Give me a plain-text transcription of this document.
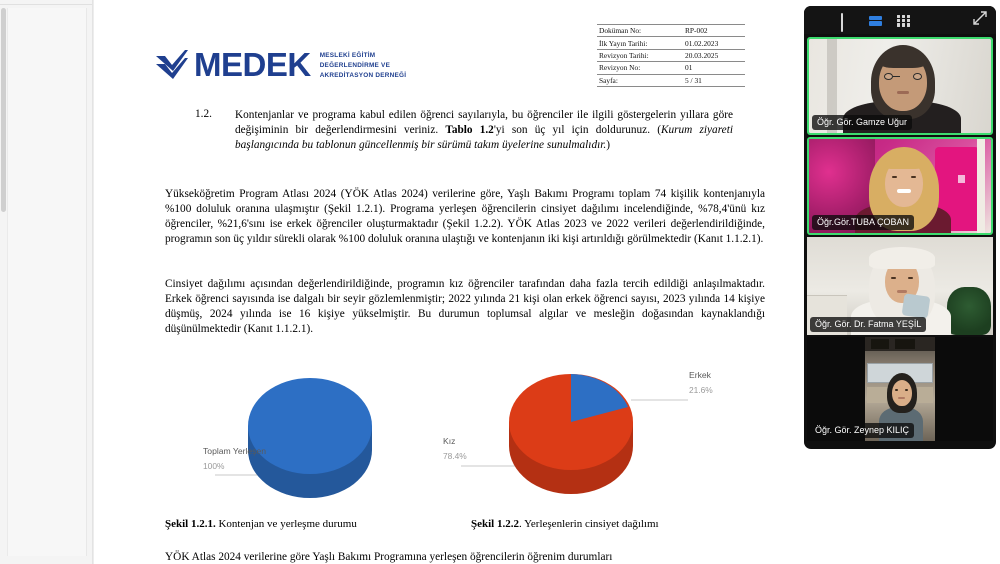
MEDEK MESLEKİ EĞİTİM
DEĞERLENDİRME VE
AKREDİTASYON DERNEĞİ
Doküman No:	RP-002
İlk Yayın Tarihi:	01.02.2023
Revizyon Tarihi:	20.03.2025
Revizyon No:	01
Sayfa:	5 / 31
1.2.	Kontenjanlar ve programa kabul edilen öğrenci sayılarıyla, bu öğrenciler ile ilgili göstergelerin yıllara göre değişiminin bir değerlendirmesini veriniz. Tablo 1.2'yi son üç yıl için doldurunuz. (Kurum ziyareti başlangıcında bu tablonun güncellenmiş bir sürümü takım üyelerine sunulmalıdır.)
Yükseköğretim Program Atlası 2024 (YÖK Atlas 2024) verilerine göre, Yaşlı Bakımı Programı toplam 74 kişilik kontenjanıyla %100 doluluk oranına ulaşmıştır (Şekil 1.2.1). Programa yerleşen öğrencilerin cinsiyet dağılımı incelendiğinde, %78,4'ünü kız öğrenciler, %21,6'sını ise erkek öğrenciler oluşturmaktadır (Şekil 1.2.2). YÖK Atlas 2023 ve 2022 verileri değerlendirildiğinde, programın son üç yıldır sürekli olarak %100 doluluk oranına ulaştığı ve kontenjanın iki kişi artırıldığı görülmektedir (Kanıt 1.1.2.1).
Cinsiyet dağılımı açısından değerlendirildiğinde, programın kız öğrenciler tarafından daha fazla tercih edildiği anlaşılmaktadır. Erkek öğrenci sayısında ise dalgalı bir seyir gözlemlenmiştir; 2022 yılında 21 kişi olan erkek öğrenci sayısı, 2023 yılında 14 kişiye düşmüş, 2024 yılında ise 16 kişiye yükselmiştir. Bu durumun toplumsal algılar ve mesleğin doğasından kaynaklandığı düşünülmektedir (Kanıt 1.1.2.1).
Toplam Yerleşen
100%
Kız
78.4%
Erkek
21.6%
Şekil 1.2.1. Kontenjan ve yerleşme durumu	Şekil 1.2.2. Yerleşenlerin cinsiyet dağılımı
YÖK Atlas 2024 verilerine göre Yaşlı Bakımı Programına yerleşen öğrencilerin öğrenim durumları
Öğr. Gör. Gamze Uğur
Öğr.Gör.TUBA ÇOBAN
Öğr. Gör. Dr. Fatma YEŞİL
Öğr. Gör. Zeynep KILIÇ
